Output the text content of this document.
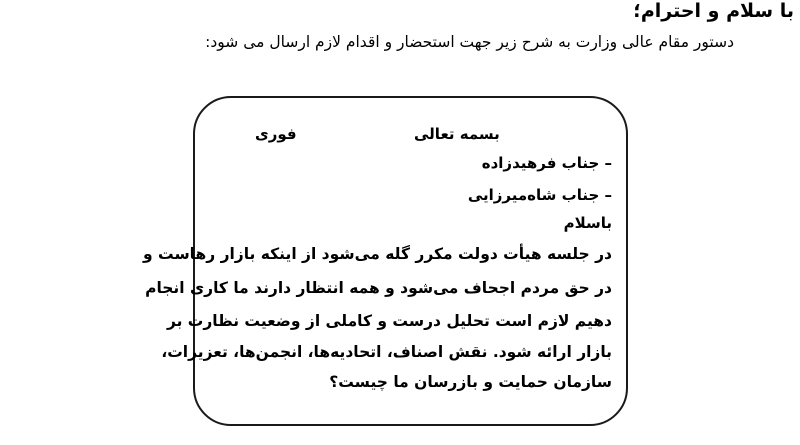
با سلام و احترام؛
دستور مقام عالی وزارت به شرح زیر جهت استحضار و اقدام لازم ارسال می شود:
فوری	بسمه تعالی
– جناب فرهیدزاده
– جناب شاه‌میرزایی
باسلام
در جلسه هیأت دولت مکرر گله می‌شود از اینکه بازار رهاست و
در حق مردم اجحاف می‌شود و همه انتظار دارند ما کاری انجام
دهیم لازم است تحلیل درست و کاملی از وضعیت نظارت بر
بازار ارائه شود. نقش اصناف، اتحادیه‌ها، انجمن‌ها، تعزیرات،
سازمان حمایت و بازرسان ما چیست؟
